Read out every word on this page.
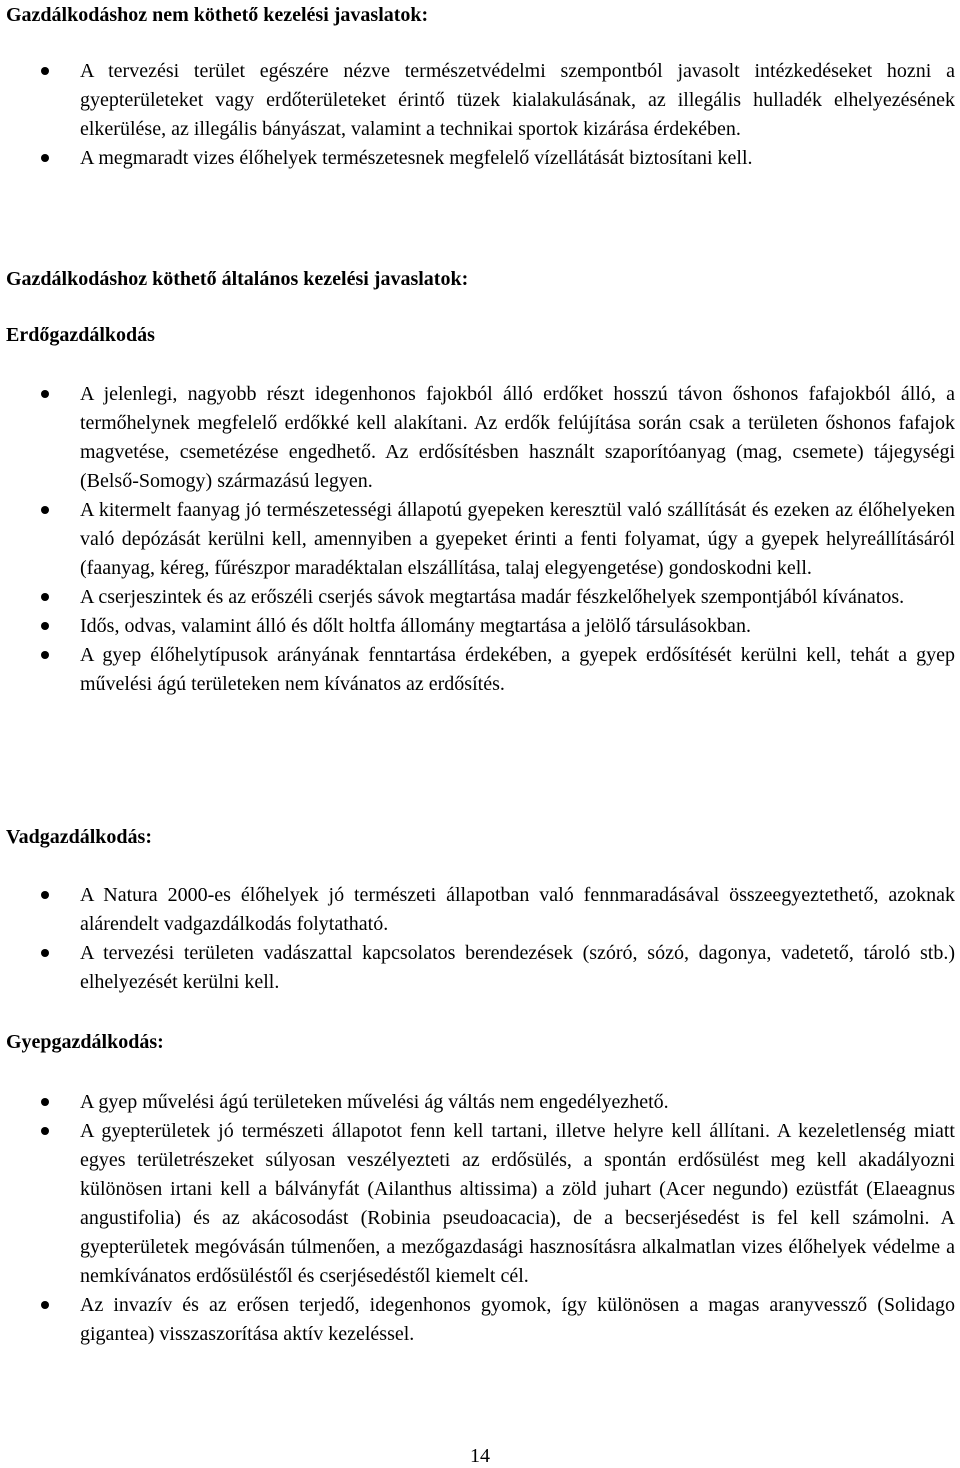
Gazdálkodáshoz nem köthető kezelési javaslatok:
A tervezési terület egészére nézve természetvédelmi szempontból javasolt intézkedéseket hozni a gyepterületeket vagy erdőterületeket érintő tüzek kialakulásának, az illegális hulladék elhelyezésének elkerülése, az illegális bányászat, valamint a technikai sportok kizárása érdekében.
A megmaradt vizes élőhelyek természetesnek megfelelő vízellátását biztosítani kell.
Gazdálkodáshoz köthető általános kezelési javaslatok:
Erdőgazdálkodás
A jelenlegi, nagyobb részt idegenhonos fajokból álló erdőket hosszú távon őshonos fafajokból álló, a termőhelynek megfelelő erdőkké kell alakítani. Az erdők felújítása során csak a területen őshonos fafajok magvetése, csemetézése engedhető. Az erdősítésben használt szaporítóanyag (mag, csemete) tájegységi (Belső-Somogy) származású legyen.
A kitermelt faanyag jó természetességi állapotú gyepeken keresztül való szállítását és ezeken az élőhelyeken való depózását kerülni kell, amennyiben a gyepeket érinti a fenti folyamat, úgy a gyepek helyreállításáról (faanyag, kéreg, fűrészpor maradéktalan elszállítása, talaj elegyengetése) gondoskodni kell.
A cserjeszintek és az erőszéli cserjés sávok megtartása madár fészkelőhelyek szempontjából kívánatos.
Idős, odvas, valamint álló és dőlt holtfa állomány megtartása a jelölő társulásokban.
A gyep élőhelytípusok arányának fenntartása érdekében, a gyepek erdősítését kerülni kell, tehát a gyep művelési ágú területeken nem kívánatos az erdősítés.
Vadgazdálkodás:
A Natura 2000-es élőhelyek jó természeti állapotban való fennmaradásával összeegyeztethető, azoknak alárendelt vadgazdálkodás folytatható.
A tervezési területen vadászattal kapcsolatos berendezések (szóró, sózó, dagonya, vadetető, tároló stb.) elhelyezését kerülni kell.
Gyepgazdálkodás:
A gyep művelési ágú területeken művelési ág váltás nem engedélyezhető.
A gyepterületek jó természeti állapotot fenn kell tartani, illetve helyre kell állítani. A kezeletlenség miatt egyes területrészeket súlyosan veszélyezteti az erdősülés, a spontán erdősülést meg kell akadályozni különösen irtani kell a bálványfát (Ailanthus altissima) a zöld juhart (Acer negundo) ezüstfát (Elaeagnus angustifolia) és az akácosodást (Robinia pseudoacacia), de a becserjésedést is fel kell számolni. A gyepterületek megóvásán túlmenően, a mezőgazdasági hasznosításra alkalmatlan vizes élőhelyek védelme a nemkívánatos erdősüléstől és cserjésedéstől kiemelt cél.
Az invazív és az erősen terjedő, idegenhonos gyomok, így különösen a magas aranyvessző (Solidago gigantea) visszaszorítása aktív kezeléssel.
14
